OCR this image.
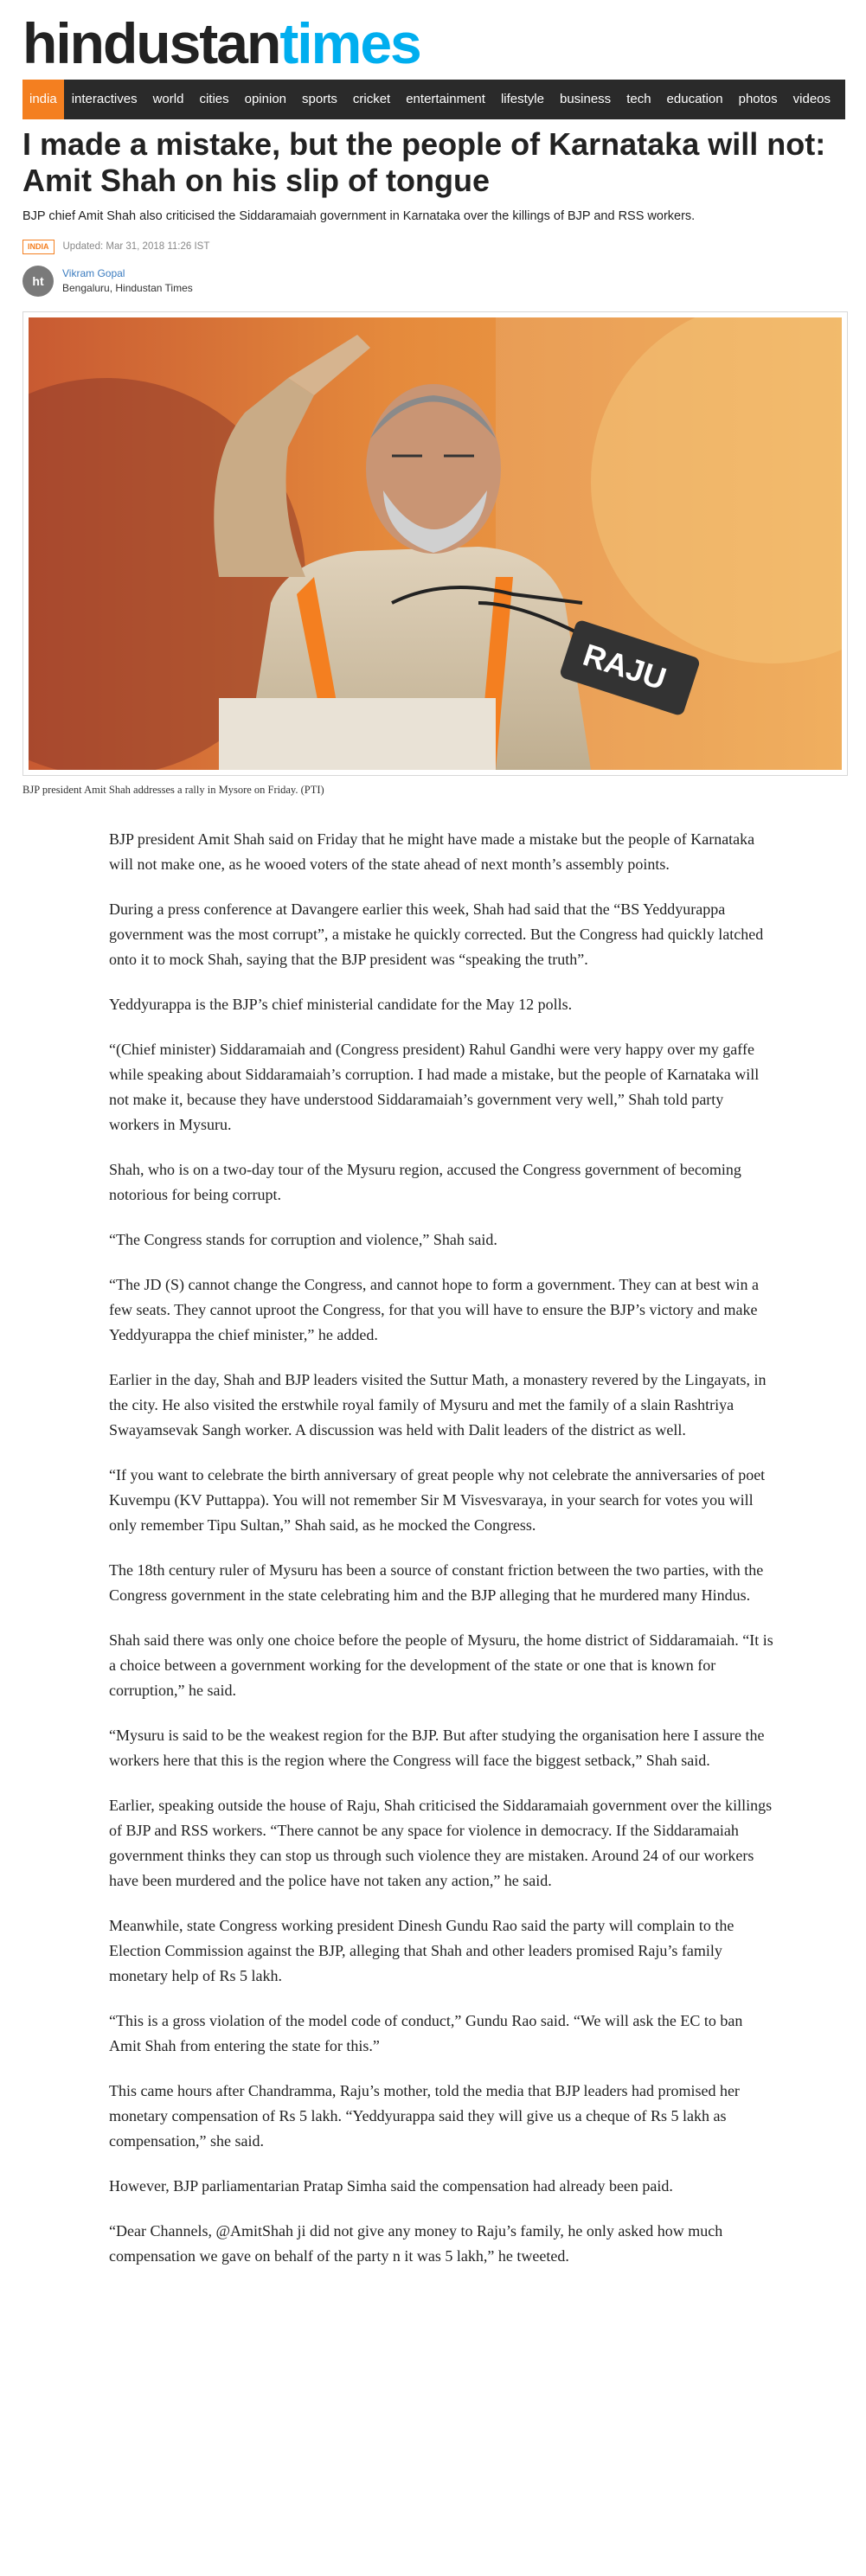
hindustantimes
india	interactives	world	cities	opinion	sports	cricket	entertainment	lifestyle	business	tech	education	photos	videos	•••
I made a mistake, but the people of Karnataka will not: Amit Shah on his slip of tongue

BJP chief Amit Shah also criticised the Siddaramaiah government in Karnataka over the killings of BJP and RSS workers.

INDIA	Updated: Mar 31, 2018 11:26 IST
ht
Vikram Gopal
Bengaluru, Hindustan Times
RAJU

BJP president Amit Shah addresses a rally in Mysore on Friday. (PTI)

BJP president Amit Shah said on Friday that he might have made a mistake but the people of Karnataka will not make one, as he wooed voters of the state ahead of next month’s assembly points.

During a press conference at Davangere earlier this week, Shah had said that the “BS Yeddyurappa government was the most corrupt”, a mistake he quickly corrected. But the Congress had quickly latched onto it to mock Shah, saying that the BJP president was “speaking the truth”.

Yeddyurappa is the BJP’s chief ministerial candidate for the May 12 polls.

“(Chief minister) Siddaramaiah and (Congress president) Rahul Gandhi were very happy over my gaffe while speaking about Siddaramaiah’s corruption. I had made a mistake, but the people of Karnataka will not make it, because they have understood Siddaramaiah’s government very well,” Shah told party workers in Mysuru.

Shah, who is on a two-day tour of the Mysuru region, accused the Congress government of becoming notorious for being corrupt.

“The Congress stands for corruption and violence,” Shah said.

“The JD (S) cannot change the Congress, and cannot hope to form a government. They can at best win a few seats. They cannot uproot the Congress, for that you will have to ensure the BJP’s victory and make Yeddyurappa the chief minister,” he added.

Earlier in the day, Shah and BJP leaders visited the Suttur Math, a monastery revered by the Lingayats, in the city. He also visited the erstwhile royal family of Mysuru and met the family of a slain Rashtriya Swayamsevak Sangh worker. A discussion was held with Dalit leaders of the district as well.

“If you want to celebrate the birth anniversary of great people why not celebrate the anniversaries of poet Kuvempu (KV Puttappa). You will not remember Sir M Visvesvaraya, in your search for votes you will only remember Tipu Sultan,” Shah said, as he mocked the Congress.

The 18th century ruler of Mysuru has been a source of constant friction between the two parties, with the Congress government in the state celebrating him and the BJP alleging that he murdered many Hindus.

Shah said there was only one choice before the people of Mysuru, the home district of Siddaramaiah. “It is a choice between a government working for the development of the state or one that is known for corruption,” he said.

“Mysuru is said to be the weakest region for the BJP. But after studying the organisation here I assure the workers here that this is the region where the Congress will face the biggest setback,” Shah said.

Earlier, speaking outside the house of Raju, Shah criticised the Siddaramaiah government over the killings of BJP and RSS workers. “There cannot be any space for violence in democracy. If the Siddaramaiah government thinks they can stop us through such violence they are mistaken. Around 24 of our workers have been murdered and the police have not taken any action,” he said.

Meanwhile, state Congress working president Dinesh Gundu Rao said the party will complain to the Election Commission against the BJP, alleging that Shah and other leaders promised Raju’s family monetary help of Rs 5 lakh.

“This is a gross violation of the model code of conduct,” Gundu Rao said. “We will ask the EC to ban Amit Shah from entering the state for this.”

This came hours after Chandramma, Raju’s mother, told the media that BJP leaders had promised her monetary compensation of Rs 5 lakh. “Yeddyurappa said they will give us a cheque of Rs 5 lakh as compensation,” she said.

However, BJP parliamentarian Pratap Simha said the compensation had already been paid.

“Dear Channels, @AmitShah ji did not give any money to Raju’s family, he only asked how much compensation we gave on behalf of the party n it was 5 lakh,” he tweeted.
